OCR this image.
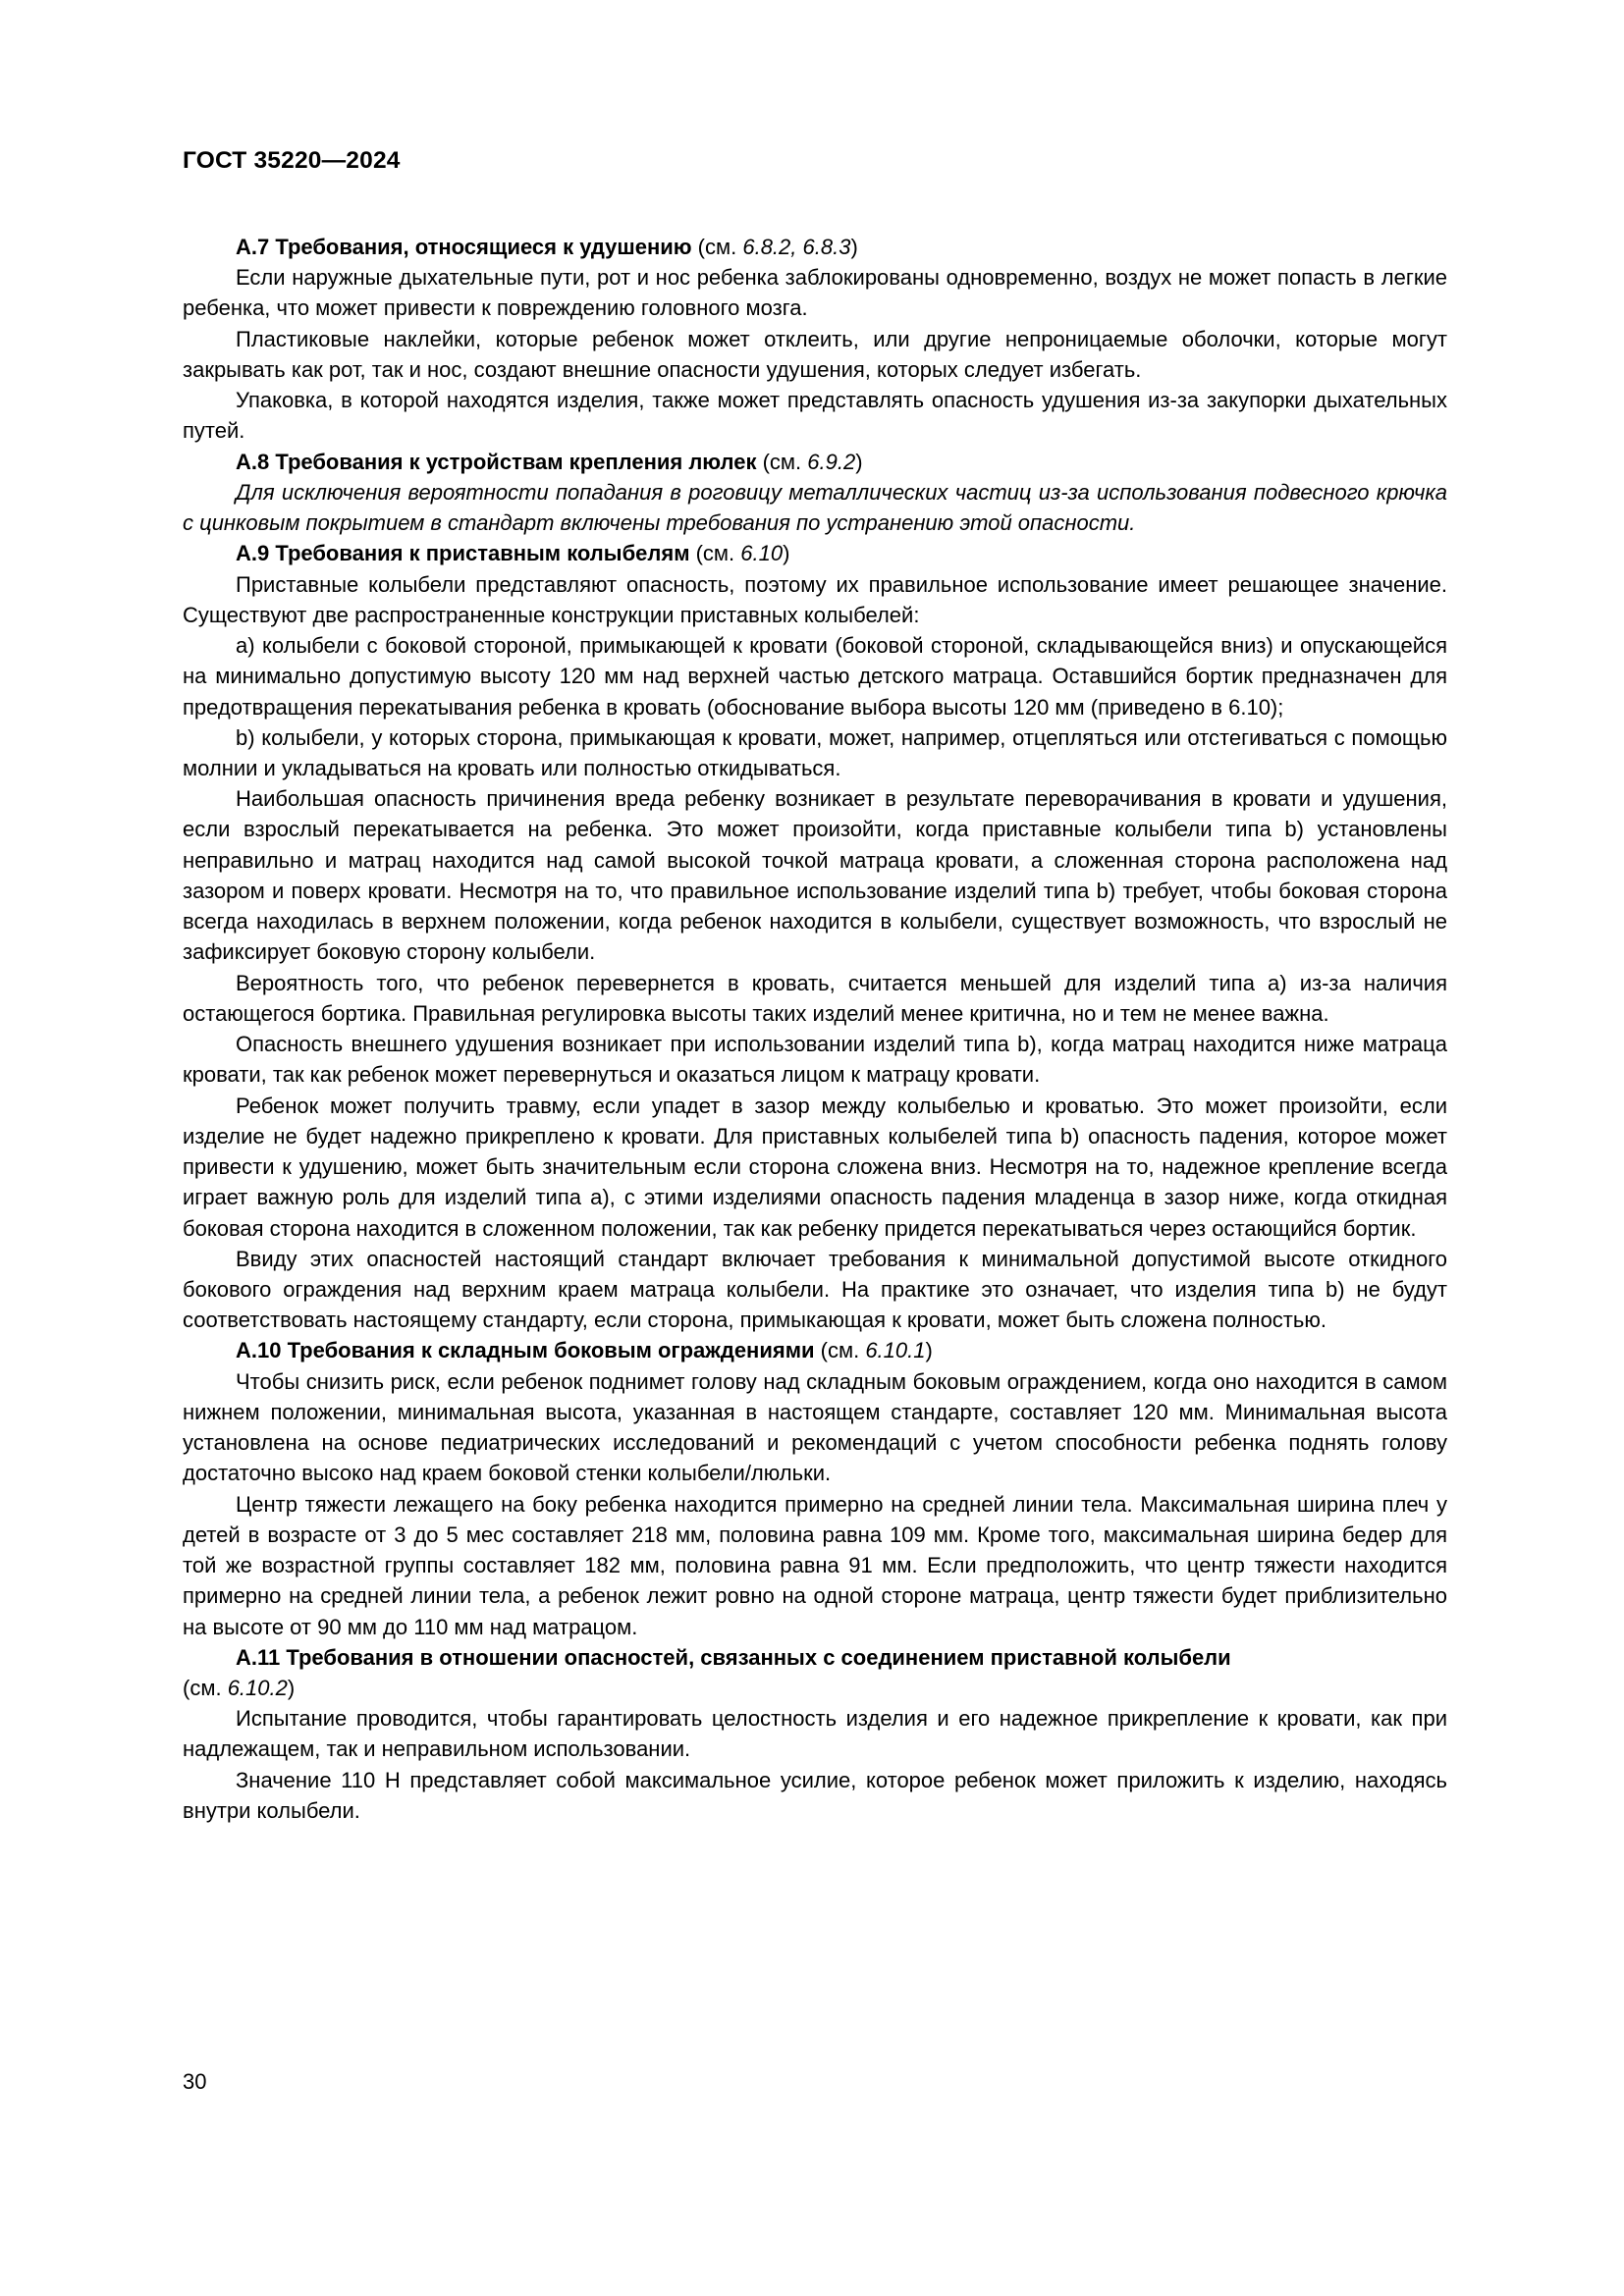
ГОСТ 35220—2024
А.7 Требования, относящиеся к удушению (см. 6.8.2, 6.8.3)

Если наружные дыхательные пути, рот и нос ребенка заблокированы одновременно, воздух не может попасть в легкие ребенка, что может привести к повреждению головного мозга.

Пластиковые наклейки, которые ребенок может отклеить, или другие непроницаемые оболочки, которые могут закрывать как рот, так и нос, создают внешние опасности удушения, которых следует избегать.

Упаковка, в которой находятся изделия, также может представлять опасность удушения из-за закупорки дыхательных путей.

А.8 Требования к устройствам крепления люлек (см. 6.9.2)

Для исключения вероятности попадания в роговицу металлических частиц из-за использования подвесного крючка с цинковым покрытием в стандарт включены требования по устранению этой опасности.

А.9 Требования к приставным колыбелям (см. 6.10)

Приставные колыбели представляют опасность, поэтому их правильное использование имеет решающее значение. Существуют две распространенные конструкции приставных колыбелей:

a) колыбели с боковой стороной, примыкающей к кровати (боковой стороной, складывающейся вниз) и опускающейся на минимально допустимую высоту 120 мм над верхней частью детского матраца. Оставшийся бортик предназначен для предотвращения перекатывания ребенка в кровать (обоснование выбора высоты 120 мм (приведено в 6.10);

b) колыбели, у которых сторона, примыкающая к кровати, может, например, отцепляться или отстегиваться с помощью молнии и укладываться на кровать или полностью откидываться.

Наибольшая опасность причинения вреда ребенку возникает в результате переворачивания в кровати и удушения, если взрослый перекатывается на ребенка. Это может произойти, когда приставные колыбели типа b) установлены неправильно и матрац находится над самой высокой точкой матраца кровати, а сложенная сторона расположена над зазором и поверх кровати. Несмотря на то, что правильное использование изделий типа b) требует, чтобы боковая сторона всегда находилась в верхнем положении, когда ребенок находится в колыбели, существует возможность, что взрослый не зафиксирует боковую сторону колыбели.

Вероятность того, что ребенок перевернется в кровать, считается меньшей для изделий типа a) из-за наличия остающегося бортика. Правильная регулировка высоты таких изделий менее критична, но и тем не менее важна.

Опасность внешнего удушения возникает при использовании изделий типа b), когда матрац находится ниже матраца кровати, так как ребенок может перевернуться и оказаться лицом к матрацу кровати.

Ребенок может получить травму, если упадет в зазор между колыбелью и кроватью. Это может произойти, если изделие не будет надежно прикреплено к кровати. Для приставных колыбелей типа b) опасность падения, которое может привести к удушению, может быть значительным если сторона сложена вниз. Несмотря на то, надежное крепление всегда играет важную роль для изделий типа a), с этими изделиями опасность падения младенца в зазор ниже, когда откидная боковая сторона находится в сложенном положении, так как ребенку придется перекатываться через остающийся бортик.

Ввиду этих опасностей настоящий стандарт включает требования к минимальной допустимой высоте откидного бокового ограждения над верхним краем матраца колыбели. На практике это означает, что изделия типа b) не будут соответствовать настоящему стандарту, если сторона, примыкающая к кровати, может быть сложена полностью.

А.10 Требования к складным боковым ограждениями (см. 6.10.1)

Чтобы снизить риск, если ребенок поднимет голову над складным боковым ограждением, когда оно находится в самом нижнем положении, минимальная высота, указанная в настоящем стандарте, составляет 120 мм. Минимальная высота установлена на основе педиатрических исследований и рекомендаций с учетом способности ребенка поднять голову достаточно высоко над краем боковой стенки колыбели/люльки.

Центр тяжести лежащего на боку ребенка находится примерно на средней линии тела. Максимальная ширина плеч у детей в возрасте от 3 до 5 мес составляет 218 мм, половина равна 109 мм. Кроме того, максимальная ширина бедер для той же возрастной группы составляет 182 мм, половина равна 91 мм. Если предположить, что центр тяжести находится примерно на средней линии тела, а ребенок лежит ровно на одной стороне матраца, центр тяжести будет приблизительно на высоте от 90 мм до 110 мм над матрацом.

А.11 Требования в отношении опасностей, связанных с соединением приставной колыбели
(см. 6.10.2)

Испытание проводится, чтобы гарантировать целостность изделия и его надежное прикрепление к кровати, как при надлежащем, так и неправильном использовании.

Значение 110 Н представляет собой максимальное усилие, которое ребенок может приложить к изделию, находясь внутри колыбели.

30
